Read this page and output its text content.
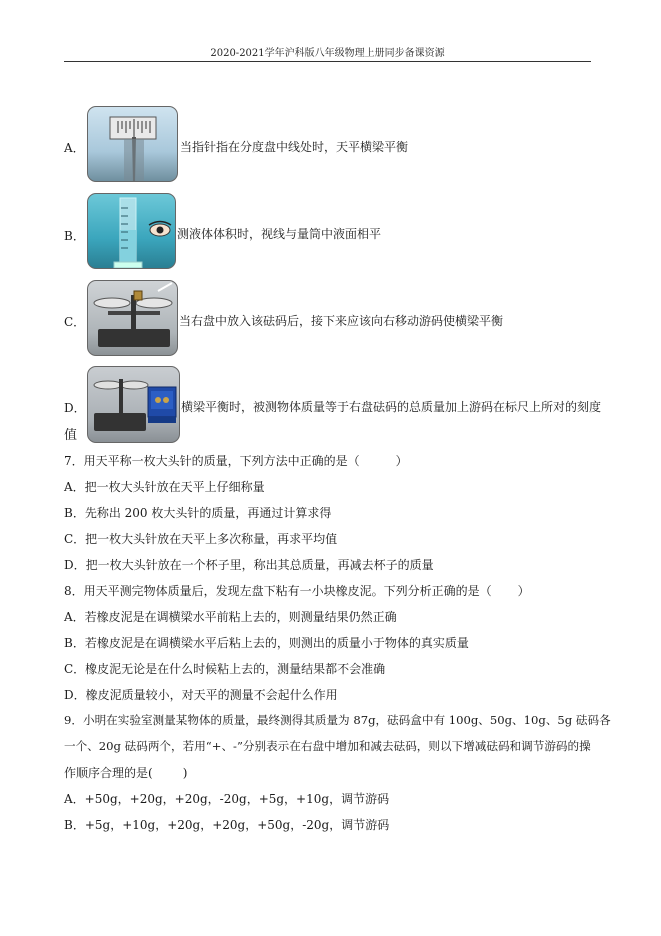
2020-2021学年沪科版八年级物理上册同步备课资源
A．	当指针指在分度盘中线处时，天平横梁平衡
B．	测液体体积时，视线与量筒中液面相平
C．	当右盘中放入该砝码后，接下来应该向右移动游码使横梁平衡
D．	横梁平衡时，被测物体质量等于右盘砝码的总质量加上游码在标尺上所对的刻度
值
7．用天平称一枚大头针的质量，下列方法中正确的是（	）
A．把一枚大头针放在天平上仔细称量
B．先称出 200 枚大头针的质量，再通过计算求得
C．把一枚大头针放在天平上多次称量，再求平均值
D．把一枚大头针放在一个杯子里，称出其总质量，再减去杯子的质量
8．用天平测完物体质量后，发现左盘下粘有一小块橡皮泥。下列分析正确的是（ ）
A．若橡皮泥是在调横梁水平前粘上去的，则测量结果仍然正确
B．若橡皮泥是在调横梁水平后粘上去的，则测出的质量小于物体的真实质量
C．橡皮泥无论是在什么时候粘上去的，测量结果都不会准确
D．橡皮泥质量较小，对天平的测量不会起什么作用
9．小明在实验室测量某物体的质量，最终测得其质量为 87g，砝码盒中有 100g、50g、10g、5g 砝码各
一个、20g 砝码两个，若用“+、-”分别表示在右盘中增加和减去砝码，则以下增减砝码和调节游码的操
作顺序合理的是(	)
A．+50g，+20g，+20g，-20g，+5g，+10g，调节游码
B．+5g，+10g，+20g，+20g，+50g，-20g，调节游码
